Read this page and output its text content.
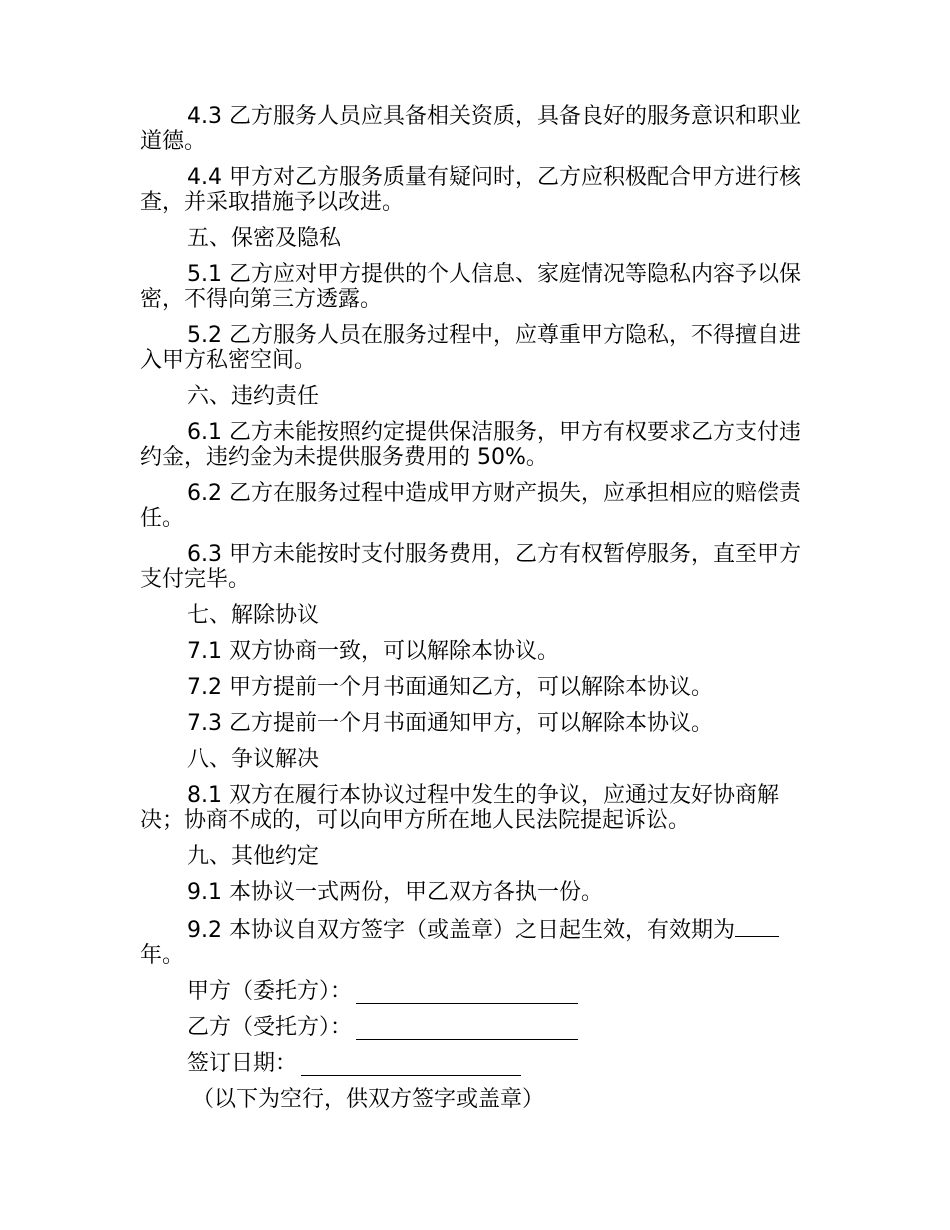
4.3 乙方服务人员应具备相关资质，具备良好的服务意识和职业道德。

4.4 甲方对乙方服务质量有疑问时，乙方应积极配合甲方进行核查，并采取措施予以改进。

五、保密及隐私

5.1 乙方应对甲方提供的个人信息、家庭情况等隐私内容予以保密，不得向第三方透露。

5.2 乙方服务人员在服务过程中，应尊重甲方隐私，不得擅自进入甲方私密空间。

六、违约责任

6.1 乙方未能按照约定提供保洁服务，甲方有权要求乙方支付违约金，违约金为未提供服务费用的 50%。

6.2 乙方在服务过程中造成甲方财产损失，应承担相应的赔偿责任。

6.3 甲方未能按时支付服务费用，乙方有权暂停服务，直至甲方支付完毕。

七、解除协议

7.1 双方协商一致，可以解除本协议。

7.2 甲方提前一个月书面通知乙方，可以解除本协议。

7.3 乙方提前一个月书面通知甲方，可以解除本协议。

八、争议解决

8.1 双方在履行本协议过程中发生的争议，应通过友好协商解决；协商不成的，可以向甲方所在地人民法院提起诉讼。

九、其他约定

9.1 本协议一式两份，甲乙双方各执一份。

9.2 本协议自双方签字（或盖章）之日起生效，有效期为年。

甲方（委托方）：
乙方（受托方）：
签订日期：

（以下为空行，供双方签字或盖章）
